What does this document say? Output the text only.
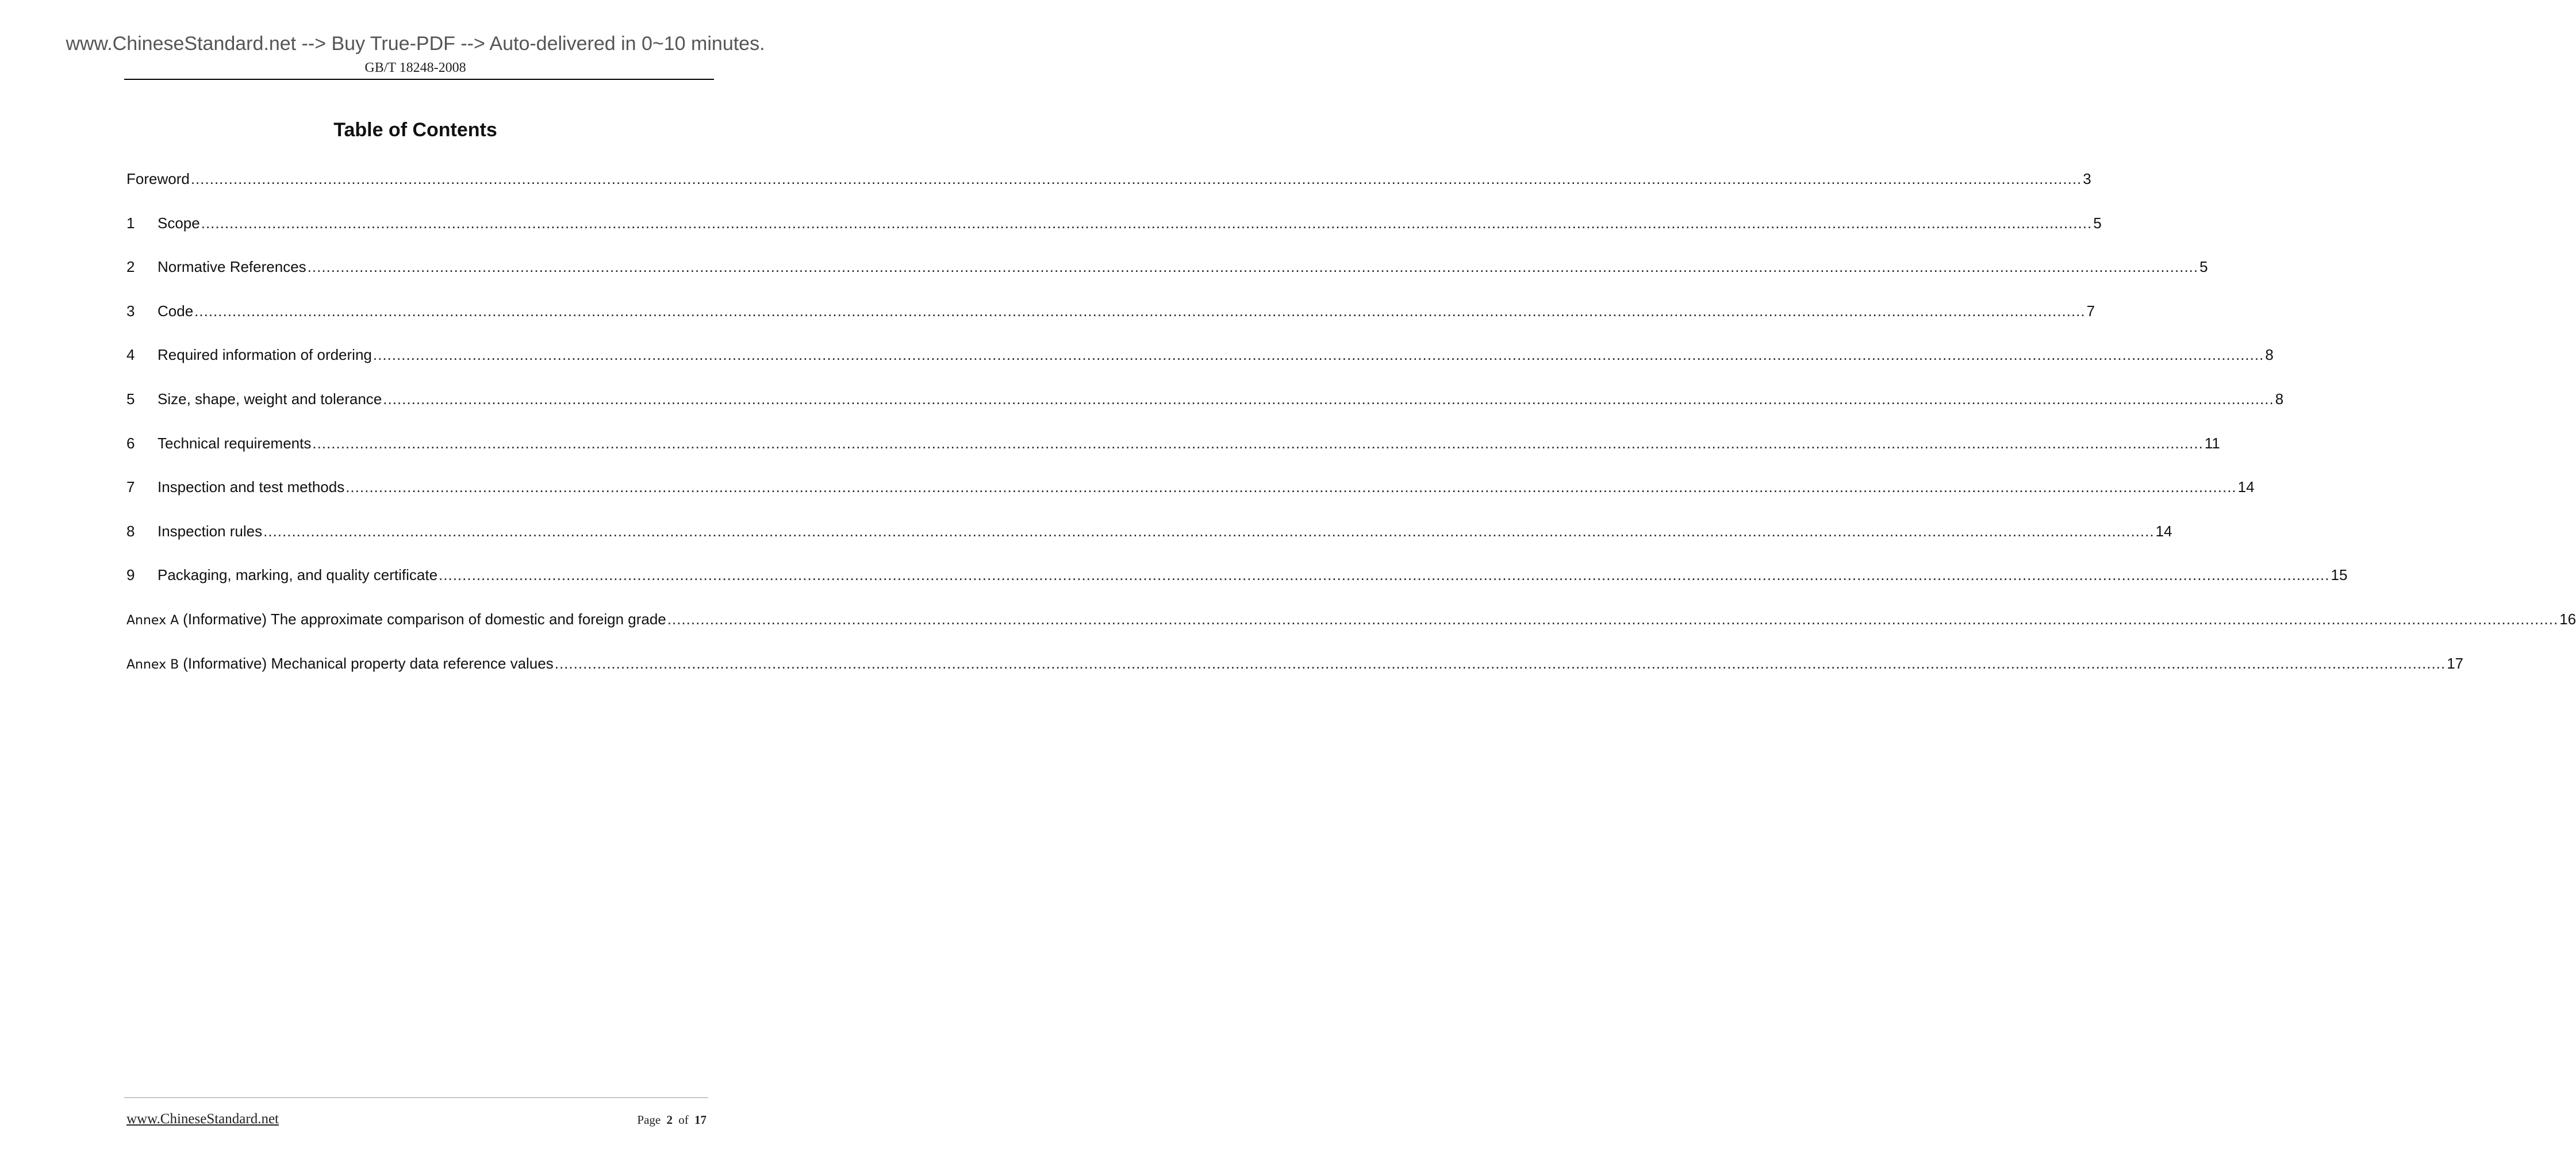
www.ChineseStandard.net --> Buy True-PDF --> Auto-delivered in 0~10 minutes.
GB/T 18248-2008
Table of Contents
Foreword ................................................................................................................................................................................................................................................................................................................................................................................................................ 3
1	Scope ................................................................................................................................................................................................................................................................................................................................................................................................................ 5
2	Normative References ................................................................................................................................................................................................................................................................................................................................................................................................................ 5
3	Code ................................................................................................................................................................................................................................................................................................................................................................................................................ 7
4	Required information of ordering ................................................................................................................................................................................................................................................................................................................................................................................................................ 8
5	Size, shape, weight and tolerance ................................................................................................................................................................................................................................................................................................................................................................................................................ 8
6	Technical requirements ................................................................................................................................................................................................................................................................................................................................................................................................................ 11
7	Inspection and test methods ................................................................................................................................................................................................................................................................................................................................................................................................................ 14
8	Inspection rules ................................................................................................................................................................................................................................................................................................................................................................................................................ 14
9	Packaging, marking, and quality certificate ................................................................................................................................................................................................................................................................................................................................................................................................................ 15
Annex A (Informative) The approximate comparison of domestic and foreign grade ................................................................................................................................................................................................................................................................................................................................................................................................................ 16
Annex B (Informative) Mechanical property data reference values ................................................................................................................................................................................................................................................................................................................................................................................................................ 17
www.ChineseStandard.net	Page 2 of 17
